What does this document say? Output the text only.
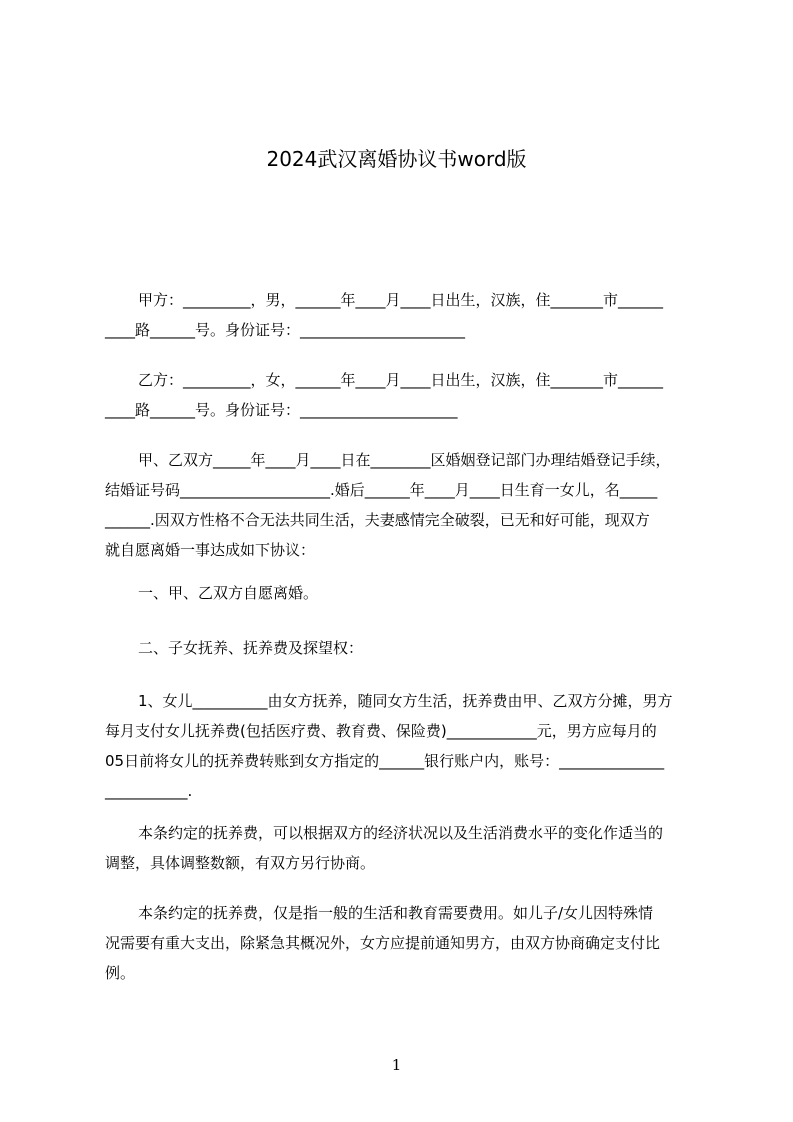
2024武汉离婚协议书word版
甲方：_________，男，______年____月____日出生，汉族，住_______市______
____路______号。身份证号：______________________
乙方：_________，女，______年____月____日出生，汉族，住_______市______
____路______号。身份证号：_____________________
甲、乙双方_____年____月____日在________区婚姻登记部门办理结婚登记手续，
结婚证号码____________________.婚后______年____月____日生育一女儿，名_____
______.因双方性格不合无法共同生活，夫妻感情完全破裂，已无和好可能，现双方
就自愿离婚一事达成如下协议：
一、甲、乙双方自愿离婚。
二、子女抚养、抚养费及探望权：
1、女儿__________由女方抚养，随同女方生活，抚养费由甲、乙双方分摊，男方
每月支付女儿抚养费(包括医疗费、教育费、保险费)____________元，男方应每月的
05日前将女儿的抚养费转账到女方指定的______银行账户内，账号：______________
___________.
本条约定的抚养费，可以根据双方的经济状况以及生活消费水平的变化作适当的
调整，具体调整数额，有双方另行协商。
本条约定的抚养费，仅是指一般的生活和教育需要费用。如儿子/女儿因特殊情
况需要有重大支出，除紧急其概况外，女方应提前通知男方，由双方协商确定支付比
例。
1
